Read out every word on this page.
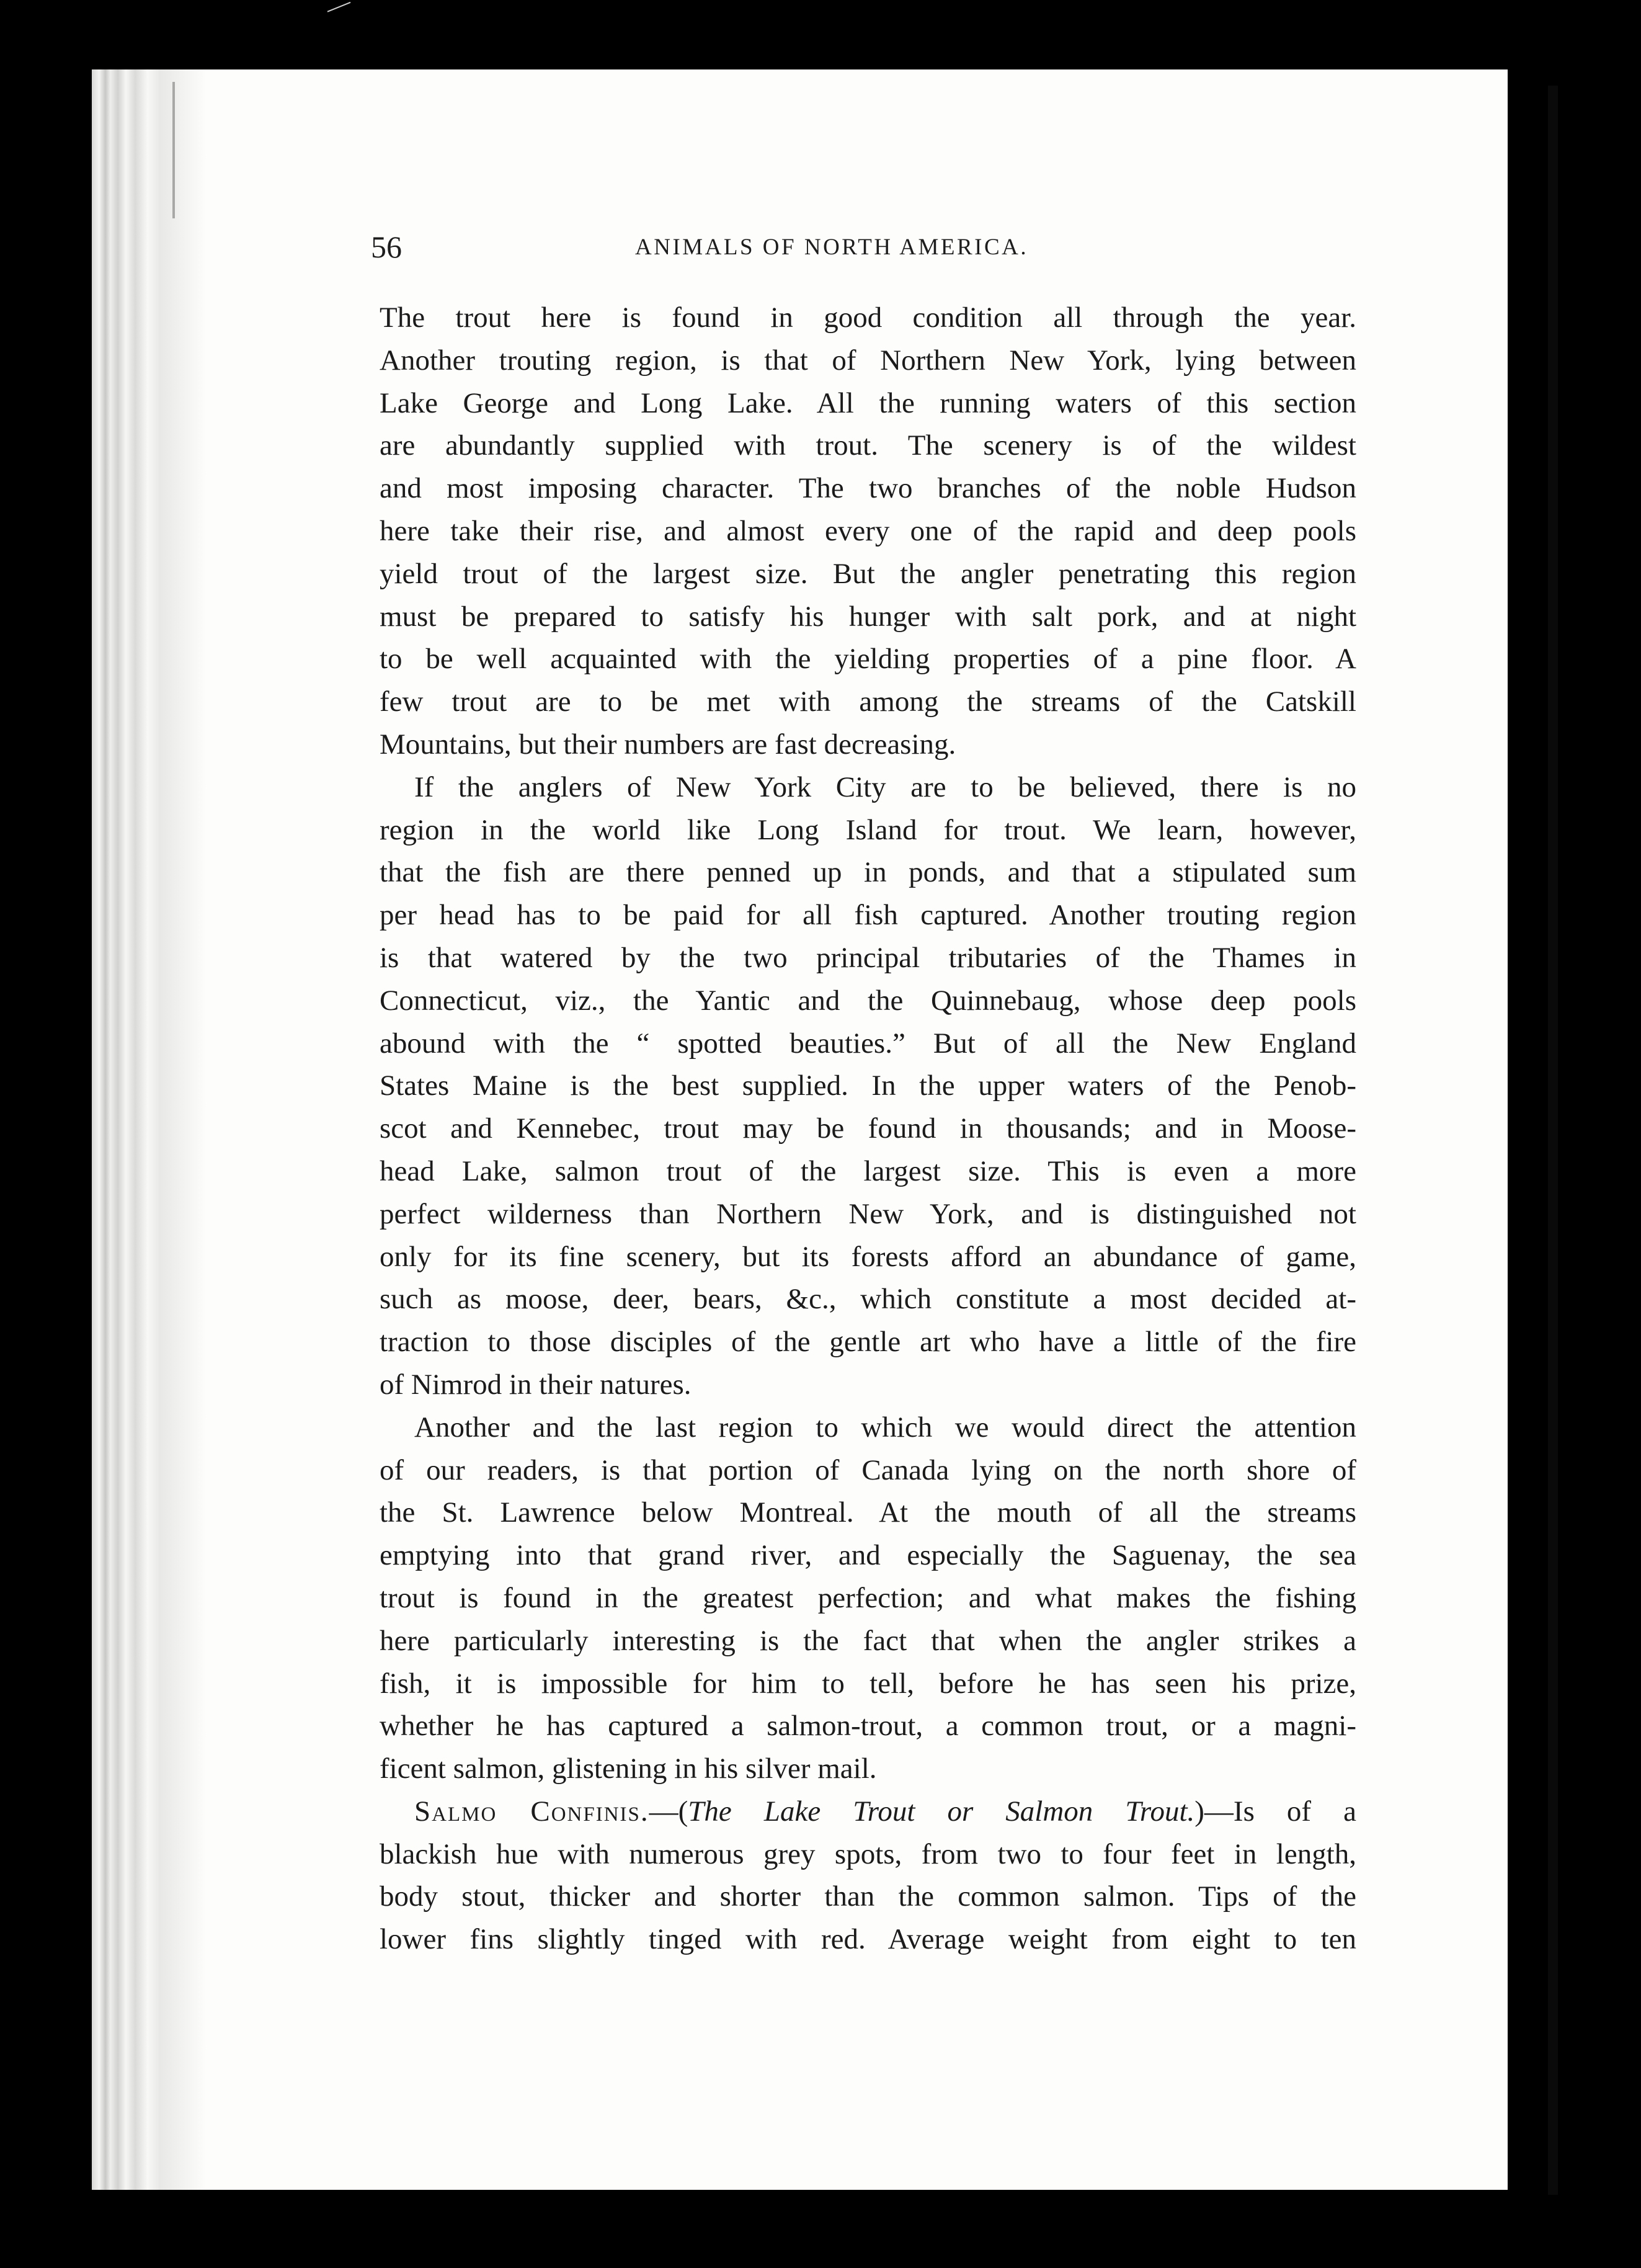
56	ANIMALS OF NORTH AMERICA.
The trout here is found in good condition all through the year.
Another trouting region, is that of Northern New York, lying between
Lake George and Long Lake. All the running waters of this section
are abundantly supplied with trout. The scenery is of the wildest
and most imposing character. The two branches of the noble Hudson
here take their rise, and almost every one of the rapid and deep pools
yield trout of the largest size. But the angler penetrating this region
must be prepared to satisfy his hunger with salt pork, and at night
to be well acquainted with the yielding properties of a pine floor. A
few trout are to be met with among the streams of the Catskill
Mountains, but their numbers are fast decreasing.
If the anglers of New York City are to be believed, there is no
region in the world like Long Island for trout. We learn, however,
that the fish are there penned up in ponds, and that a stipulated sum
per head has to be paid for all fish captured. Another trouting region
is that watered by the two principal tributaries of the Thames in
Connecticut, viz., the Yantic and the Quinnebaug, whose deep pools
abound with the “ spotted beauties.” But of all the New England
States Maine is the best supplied. In the upper waters of the Penob-
scot and Kennebec, trout may be found in thousands; and in Moose-
head Lake, salmon trout of the largest size. This is even a more
perfect wilderness than Northern New York, and is distinguished not
only for its fine scenery, but its forests afford an abundance of game,
such as moose, deer, bears, &c., which constitute a most decided at-
traction to those disciples of the gentle art who have a little of the fire
of Nimrod in their natures.
Another and the last region to which we would direct the attention
of our readers, is that portion of Canada lying on the north shore of
the St. Lawrence below Montreal. At the mouth of all the streams
emptying into that grand river, and especially the Saguenay, the sea
trout is found in the greatest perfection; and what makes the fishing
here particularly interesting is the fact that when the angler strikes a
fish, it is impossible for him to tell, before he has seen his prize,
whether he has captured a salmon-trout, a common trout, or a magni-
ficent salmon, glistening in his silver mail.
Salmo Confinis.—(The Lake Trout or Salmon Trout.)—Is of a
blackish hue with numerous grey spots, from two to four feet in length,
body stout, thicker and shorter than the common salmon. Tips of the
lower fins slightly tinged with red. Average weight from eight to ten
